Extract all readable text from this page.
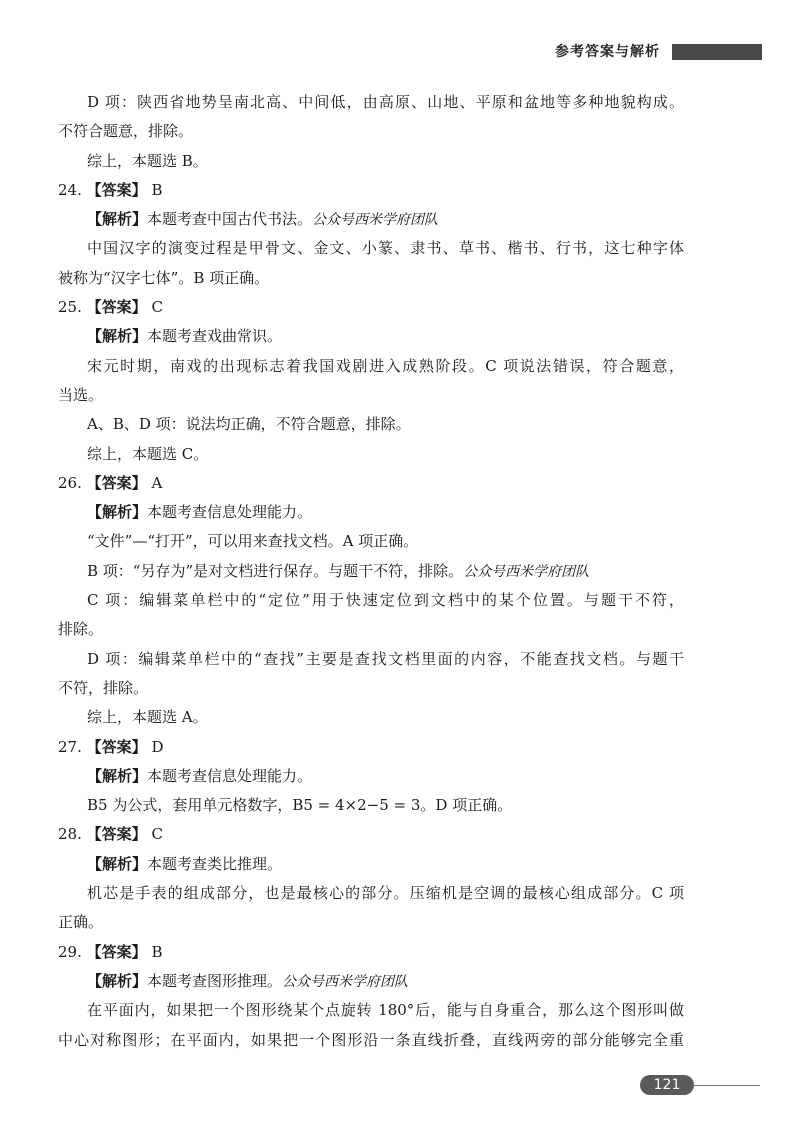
参考答案与解析
D 项：陕西省地势呈南北高、中间低，由高原、山地、平原和盆地等多种地貌构成。
不符合题意，排除。
综上，本题选 B。
24. 【答案】 B
【解析】本题考查中国古代书法。公众号西米学府团队
中国汉字的演变过程是甲骨文、金文、小篆、隶书、草书、楷书、行书，这七种字体
被称为“汉字七体”。B 项正确。
25. 【答案】 C
【解析】本题考查戏曲常识。
宋元时期，南戏的出现标志着我国戏剧进入成熟阶段。C 项说法错误，符合题意，
当选。
A、B、D 项：说法均正确，不符合题意，排除。
综上，本题选 C。
26. 【答案】 A
【解析】本题考查信息处理能力。
“文件”—“打开”，可以用来查找文档。A 项正确。
B 项：“另存为”是对文档进行保存。与题干不符，排除。公众号西米学府团队
C 项：编辑菜单栏中的“定位”用于快速定位到文档中的某个位置。与题干不符，
排除。
D 项：编辑菜单栏中的“查找”主要是查找文档里面的内容，不能查找文档。与题干
不符，排除。
综上，本题选 A。
27. 【答案】 D
【解析】本题考查信息处理能力。
B5 为公式，套用单元格数字，B5 = 4×2−5 = 3。D 项正确。
28. 【答案】 C
【解析】本题考查类比推理。
机芯是手表的组成部分，也是最核心的部分。压缩机是空调的最核心组成部分。C 项
正确。
29. 【答案】 B
【解析】本题考查图形推理。公众号西米学府团队
在平面内，如果把一个图形绕某个点旋转 180°后，能与自身重合，那么这个图形叫做
中心对称图形；在平面内，如果把一个图形沿一条直线折叠，直线两旁的部分能够完全重
121
